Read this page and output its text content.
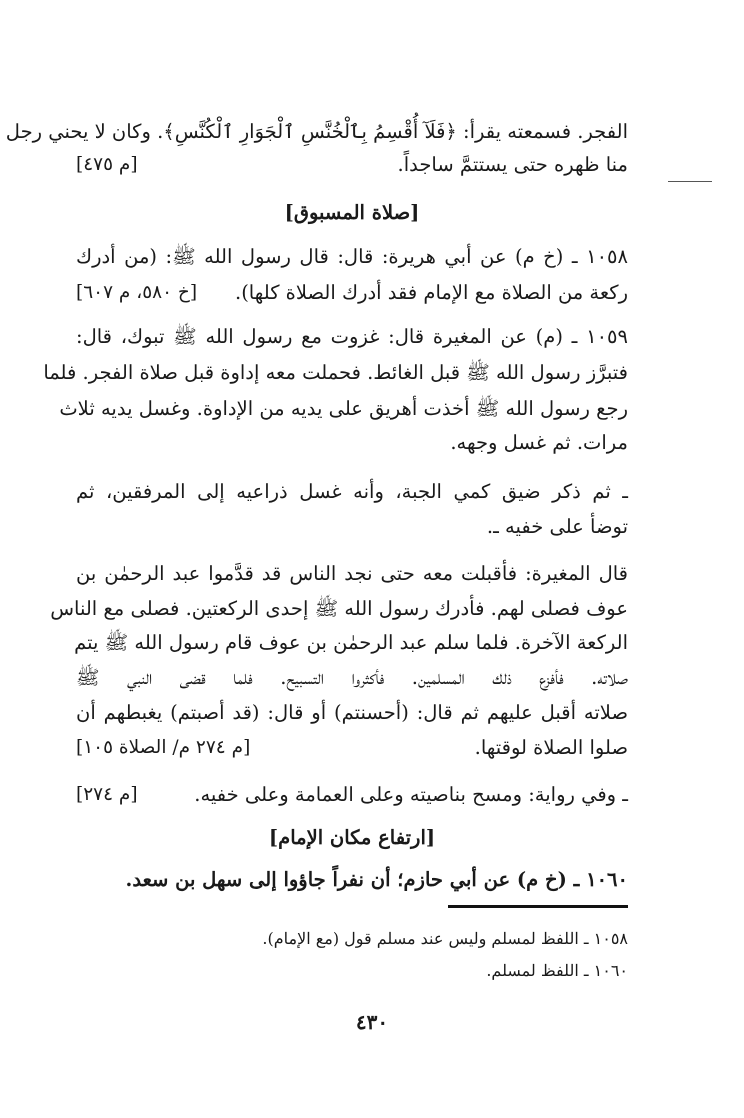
الفجر. فسمعته يقرأ: ﴿فَلَآ أُقْسِمُ بِٱلْخُنَّسِ ٱلْجَوَارِ ٱلْكُنَّسِ﴾. وكان لا يحني رجل
منا ظهره حتى يستتمَّ ساجداً.
[صلاة المسبوق]
١٠٥٨ ـ (خ م) عن أبي هريرة: قال: قال رسول الله ﷺ: (من أدرك
ركعة من الصلاة مع الإمام فقد أدرك الصلاة كلها).
١٠٥٩ ـ (م) عن المغيرة قال: غزوت مع رسول الله ﷺ تبوك، قال:
فتبرَّز رسول الله ﷺ قبل الغائط. فحملت معه إداوة قبل صلاة الفجر. فلما
رجع رسول الله ﷺ أخذت أهريق على يديه من الإداوة. وغسل يديه ثلاث
مرات. ثم غسل وجهه.
ـ ثم ذكر ضيق كمي الجبة، وأنه غسل ذراعيه إلى المرفقين، ثم
توضأ على خفيه ـ.
قال المغيرة: فأقبلت معه حتى نجد الناس قد قدَّموا عبد الرحمٰن بن
عوف فصلى لهم. فأدرك رسول الله ﷺ إحدى الركعتين. فصلى مع الناس
الركعة الآخرة. فلما سلم عبد الرحمٰن بن عوف قام رسول الله ﷺ يتم
صلاته. فأفزع ذلك المسلمين. فأكثروا التسبيح. فلما قضى النبي ﷺ
صلاته أقبل عليهم ثم قال: (أحسنتم) أو قال: (قد أصبتم) يغبطهم أن
صلوا الصلاة لوقتها.
ـ وفي رواية: ومسح بناصيته وعلى العمامة وعلى خفيه.
[ارتفاع مكان الإمام]
١٠٦٠ ـ (خ م) عن أبي حازم؛ أن نفراً جاؤوا إلى سهل بن سعد.
[م ٤٧٥]
[خ ٥٨٠، م ٦٠٧]
[م ٢٧٤ م/ الصلاة ١٠٥]
[م ٢٧٤]
١٠٥٨ ـ اللفظ لمسلم وليس عند مسلم قول (مع الإمام).
١٠٦٠ ـ اللفظ لمسلم.
٤٣٠
